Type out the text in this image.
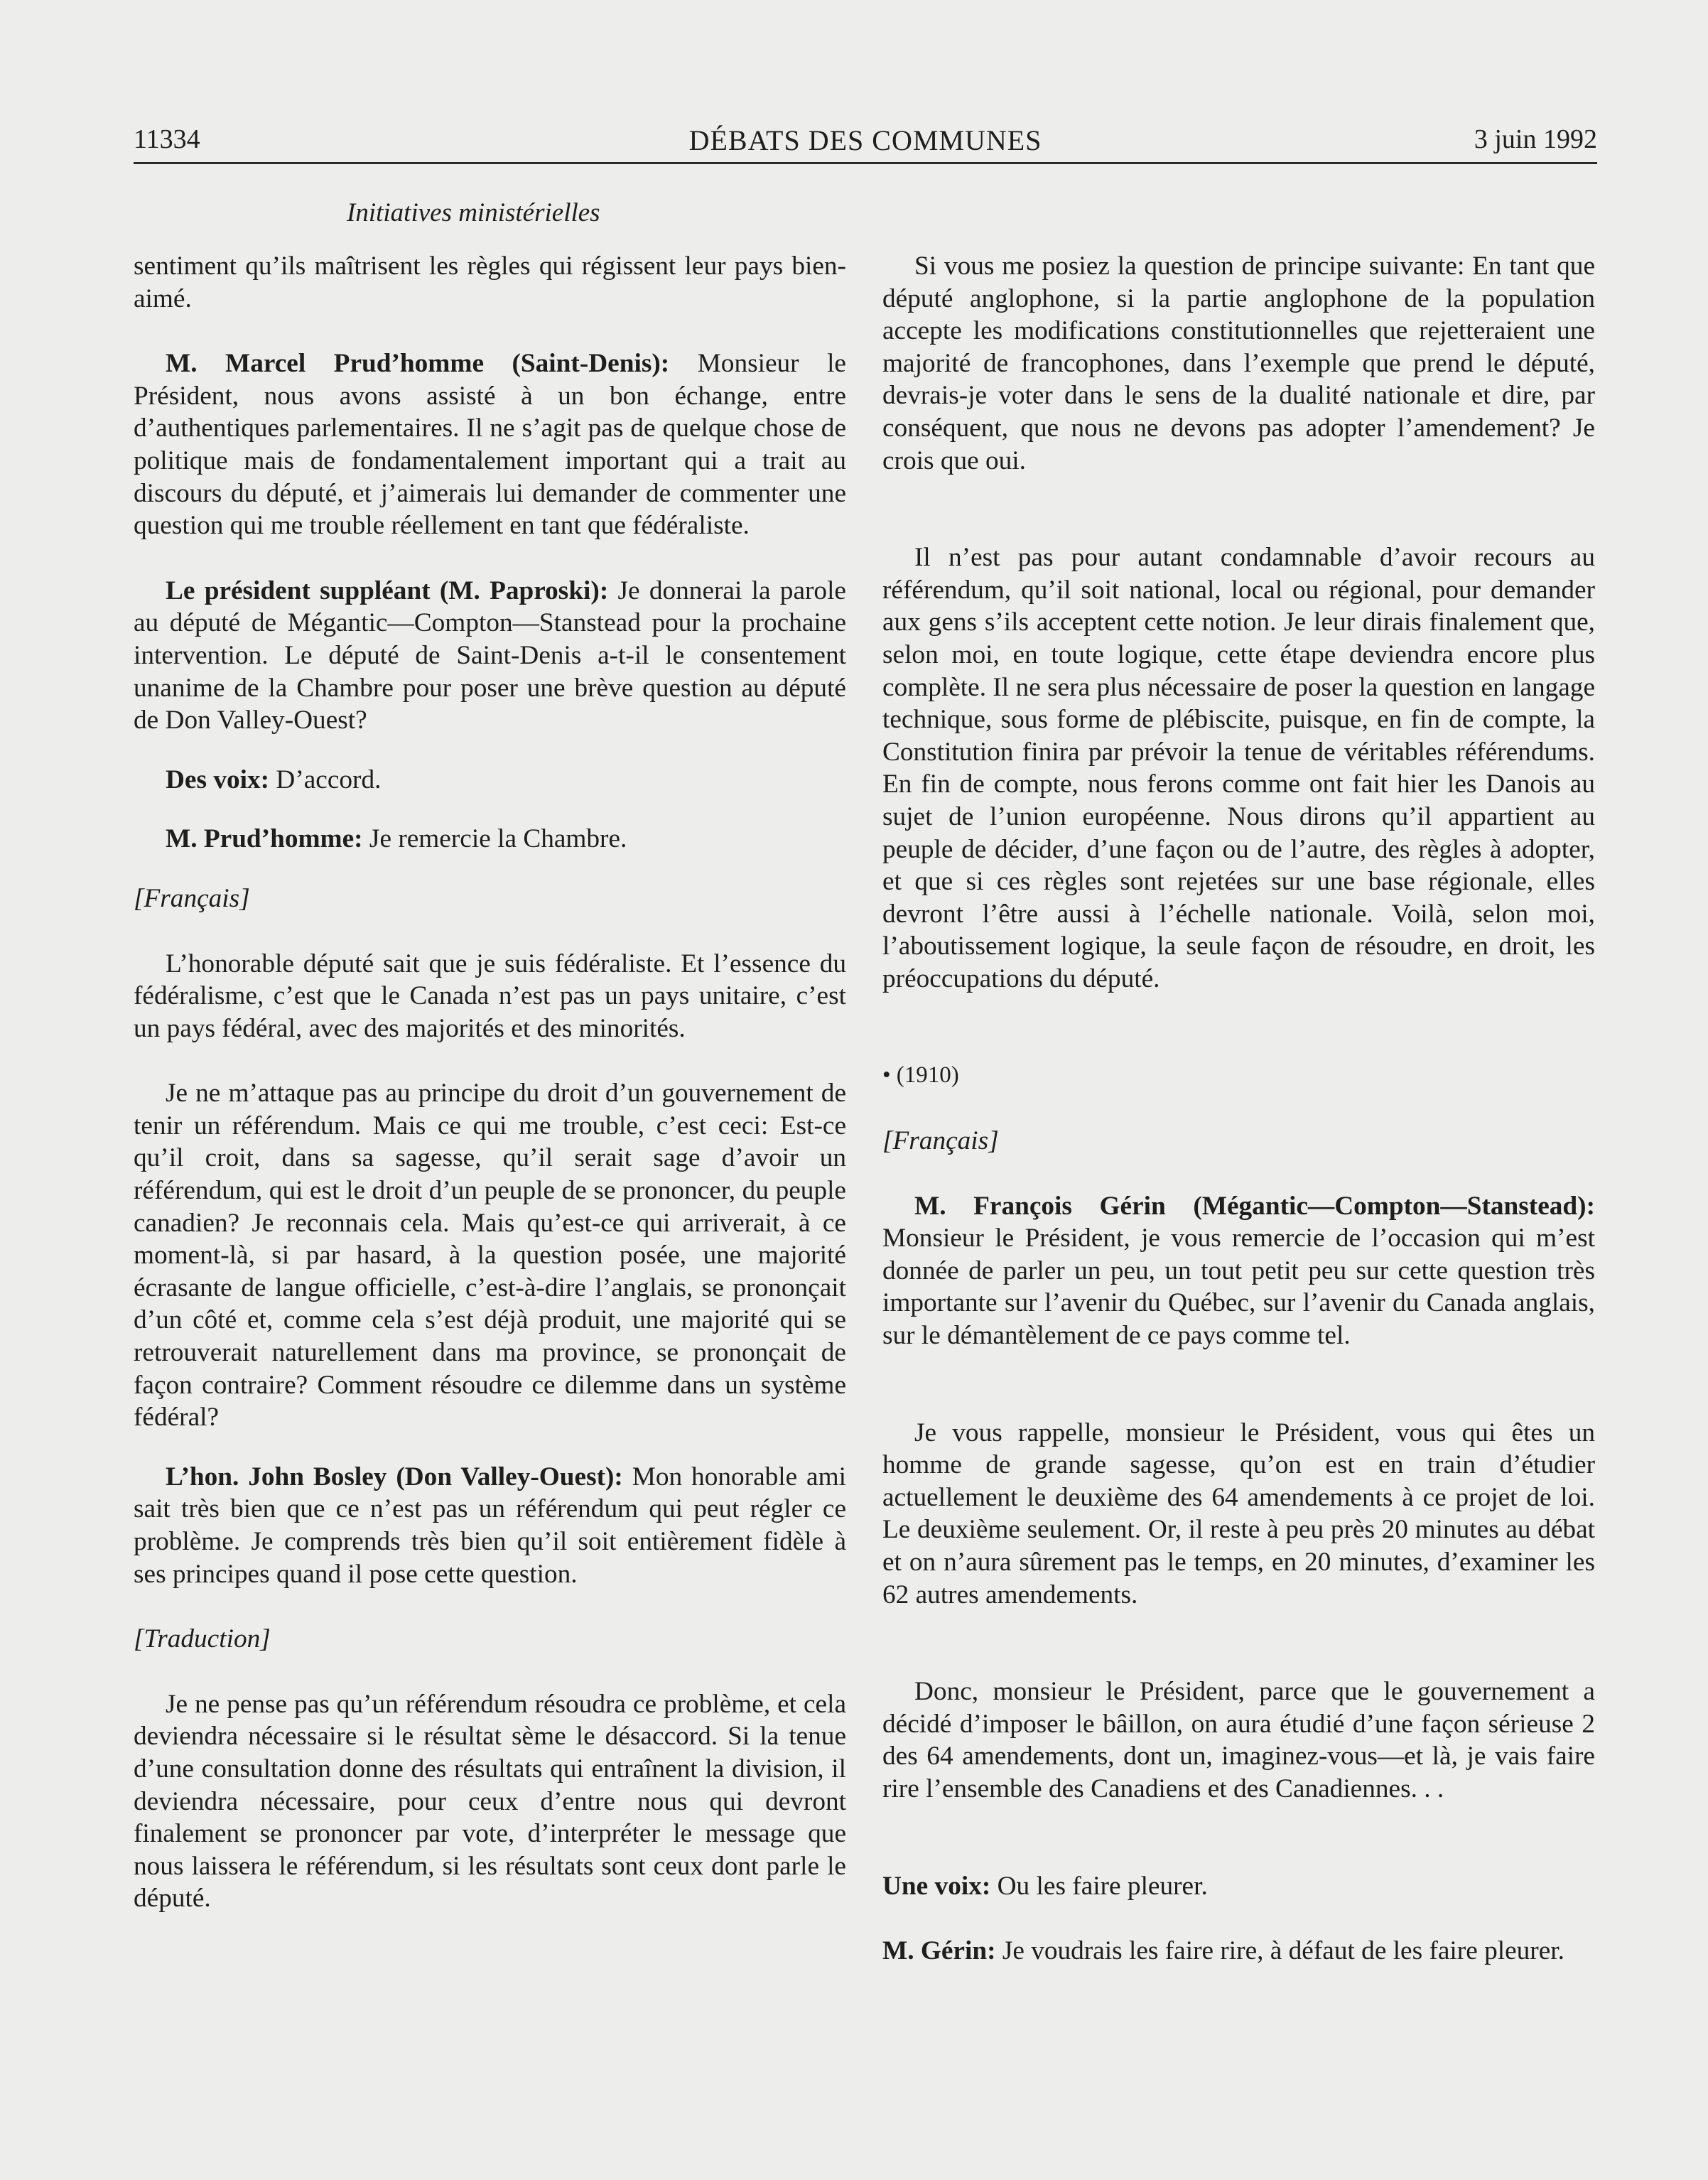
11334	DÉBATS DES COMMUNES	3 juin 1992
Initiatives ministérielles

sentiment qu’ils maîtrisent les règles qui régissent leur pays bien-aimé.

M. Marcel Prud’homme (Saint-Denis): Monsieur le Président, nous avons assisté à un bon échange, entre d’authentiques parlementaires. Il ne s’agit pas de quelque chose de politique mais de fondamentalement important qui a trait au discours du député, et j’aimerais lui demander de commenter une question qui me trouble réellement en tant que fédéraliste.

Le président suppléant (M. Paproski): Je donnerai la parole au député de Mégantic—Compton—Stanstead pour la prochaine intervention. Le député de Saint-Denis a-t-il le consentement unanime de la Chambre pour poser une brève question au député de Don Valley-Ouest?

Des voix: D’accord.

M. Prud’homme: Je remercie la Chambre.

[Français]

L’honorable député sait que je suis fédéraliste. Et l’essence du fédéralisme, c’est que le Canada n’est pas un pays unitaire, c’est un pays fédéral, avec des majorités et des minorités.

Je ne m’attaque pas au principe du droit d’un gouvernement de tenir un référendum. Mais ce qui me trouble, c’est ceci: Est-ce qu’il croit, dans sa sagesse, qu’il serait sage d’avoir un référendum, qui est le droit d’un peuple de se prononcer, du peuple canadien? Je reconnais cela. Mais qu’est-ce qui arriverait, à ce moment-là, si par hasard, à la question posée, une majorité écrasante de langue officielle, c’est-à-dire l’anglais, se prononçait d’un côté et, comme cela s’est déjà produit, une majorité qui se retrouverait naturellement dans ma province, se prononçait de façon contraire? Comment résoudre ce dilemme dans un système fédéral?

L’hon. John Bosley (Don Valley-Ouest): Mon honorable ami sait très bien que ce n’est pas un référendum qui peut régler ce problème. Je comprends très bien qu’il soit entièrement fidèle à ses principes quand il pose cette question.

[Traduction]

Je ne pense pas qu’un référendum résoudra ce problème, et cela deviendra nécessaire si le résultat sème le désaccord. Si la tenue d’une consultation donne des résultats qui entraînent la division, il deviendra nécessaire, pour ceux d’entre nous qui devront finalement se prononcer par vote, d’interpréter le message que nous laissera le référendum, si les résultats sont ceux dont parle le député.

Si vous me posiez la question de principe suivante: En tant que député anglophone, si la partie anglophone de la population accepte les modifications constitutionnelles que rejetteraient une majorité de francophones, dans l’exemple que prend le député, devrais-je voter dans le sens de la dualité nationale et dire, par conséquent, que nous ne devons pas adopter l’amendement? Je crois que oui.

Il n’est pas pour autant condamnable d’avoir recours au référendum, qu’il soit national, local ou régional, pour demander aux gens s’ils acceptent cette notion. Je leur dirais finalement que, selon moi, en toute logique, cette étape deviendra encore plus complète. Il ne sera plus nécessaire de poser la question en langage technique, sous forme de plébiscite, puisque, en fin de compte, la Constitution finira par prévoir la tenue de véritables référendums. En fin de compte, nous ferons comme ont fait hier les Danois au sujet de l’union européenne. Nous dirons qu’il appartient au peuple de décider, d’une façon ou de l’autre, des règles à adopter, et que si ces règles sont rejetées sur une base régionale, elles devront l’être aussi à l’échelle nationale. Voilà, selon moi, l’aboutissement logique, la seule façon de résoudre, en droit, les préoccupations du député.

• (1910)

[Français]

M. François Gérin (Mégantic—Compton—Stanstead): Monsieur le Président, je vous remercie de l’occasion qui m’est donnée de parler un peu, un tout petit peu sur cette question très importante sur l’avenir du Québec, sur l’avenir du Canada anglais, sur le démantèlement de ce pays comme tel.

Je vous rappelle, monsieur le Président, vous qui êtes un homme de grande sagesse, qu’on est en train d’étudier actuellement le deuxième des 64 amendements à ce projet de loi. Le deuxième seulement. Or, il reste à peu près 20 minutes au débat et on n’aura sûrement pas le temps, en 20 minutes, d’examiner les 62 autres amendements.

Donc, monsieur le Président, parce que le gouvernement a décidé d’imposer le bâillon, on aura étudié d’une façon sérieuse 2 des 64 amendements, dont un, imaginez-vous—et là, je vais faire rire l’ensemble des Canadiens et des Canadiennes. . .

Une voix: Ou les faire pleurer.

M. Gérin: Je voudrais les faire rire, à défaut de les faire pleurer.
